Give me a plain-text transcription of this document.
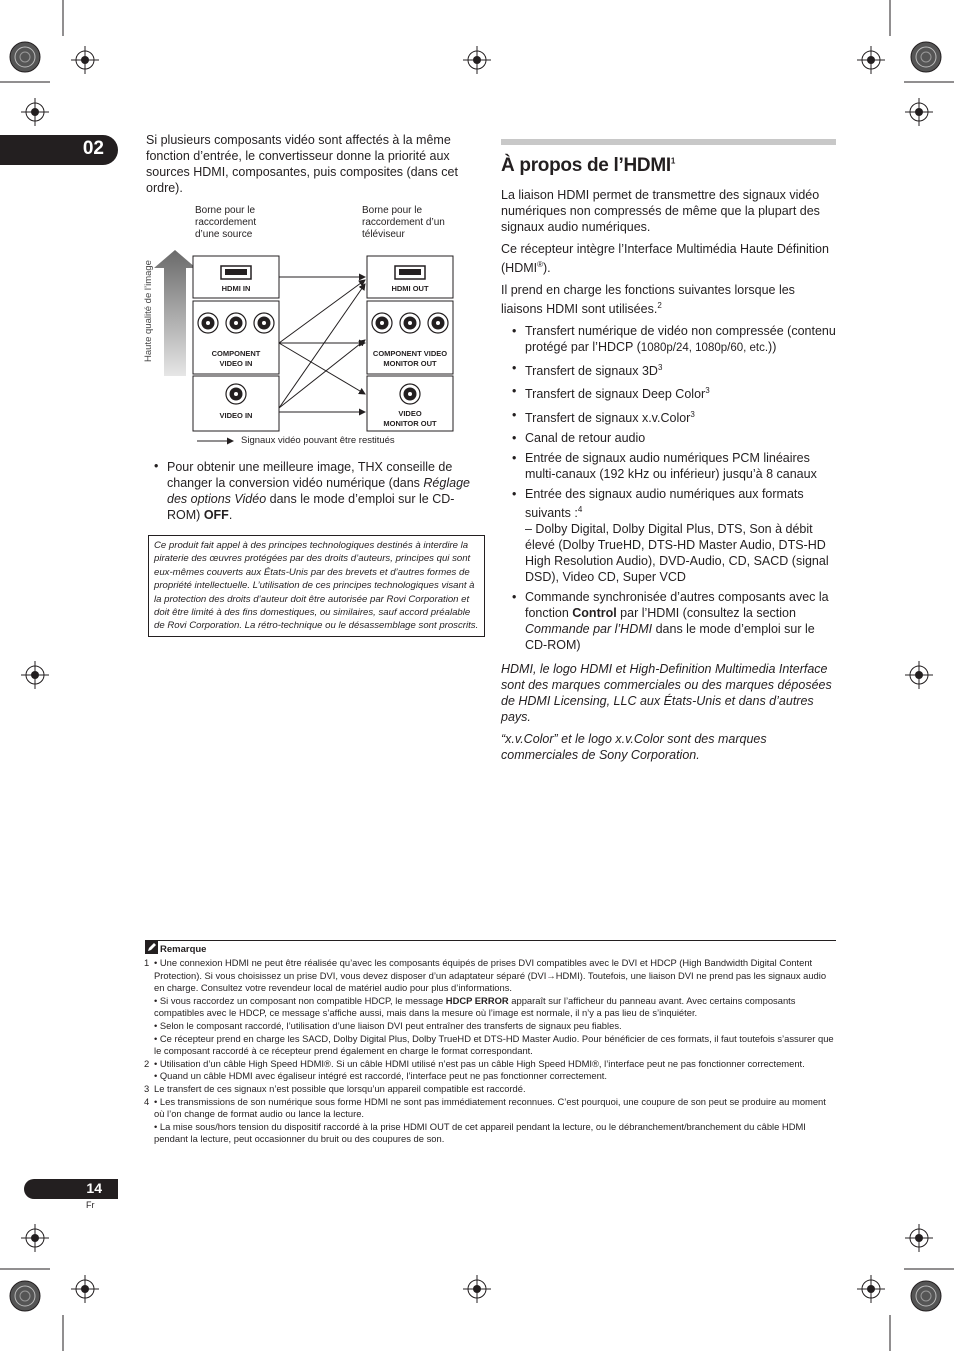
02	Si plusieurs composants vidéo sont affectés à la même fonction d’entrée, le convertisseur donne la priorité aux sources HDMI, composantes, puis composites (dans cet ordre).

Borne pour le
raccordement
d’une source
Borne pour le
raccordement d’un
téléviseur
Haute qualité de l’image	HDMI IN
COMPONENT
VIDEO IN
VIDEO IN
HDMI OUT
COMPONENT VIDEO
MONITOR OUT
VIDEO
MONITOR OUT
Signaux vidéo pouvant être restitués
• Pour obtenir une meilleure image, THX conseille de changer la conversion vidéo numérique (dans Réglage des options Vidéo dans le mode d’emploi sur le CD-ROM) OFF.

Ce produit fait appel à des principes technologiques destinés à interdire la piraterie des œuvres protégées par des droits d’auteurs, principes qui sont eux-mêmes couverts aux États-Unis par des brevets et d’autres formes de propriété intellectuelle. L’utilisation de ces principes technologiques visant à la protection des droits d’auteur doit être autorisée par Rovi Corporation et doit être limité à des fins domestiques, ou similaires, sauf accord préalable de Rovi Corporation. La rétro-technique ou le désassemblage sont proscrits.
À propos de l’HDMI$^1$

La liaison HDMI permet de transmettre des signaux vidéo numériques non compressés de même que la plupart des signaux audio numériques.

Ce récepteur intègre l’Interface Multimédia Haute Définition (HDMI®).

Il prend en charge les fonctions suivantes lorsque les liaisons HDMI sont utilisées.$^2$

• Transfert numérique de vidéo non compressée (contenu protégé par l’HDCP (1080p/24, 1080p/60, etc.))
• Transfert de signaux $3D^3$
• Transfert de signaux Deep Color$^3$
• Transfert de signaux x.v.Color$^3$
• Canal de retour audio
• Entrée de signaux audio numériques PCM linéaires multi-canaux (192 kHz ou inférieur) jusqu’à 8 canaux
• Entrée des signaux audio numériques aux formats suivants :$^4$
– Dolby Digital, Dolby Digital Plus, DTS, Son à débit élevé (Dolby TrueHD, DTS-HD Master Audio, DTS-HD High Resolution Audio), DVD-Audio, CD, SACD (signal DSD), Video CD, Super VCD
• Commande synchronisée d’autres composants avec la fonction Control par l’HDMI (consultez la section Commande par l’HDMI dans le mode d’emploi sur le CD-ROM)

HDMI, le logo HDMI et High-Definition Multimedia Interface sont des marques commerciales ou des marques déposées de HDMI Licensing, LLC aux États-Unis et dans d’autres pays.

“x.v.Color” et le logo x.v.Color sont des marques commerciales de Sony Corporation.

Remarque
1 • Une connexion HDMI ne peut être réalisée qu’avec les composants équipés de prises DVI compatibles avec le DVI et HDCP (High Bandwidth Digital Content Protection). Si vous choisissez un prise DVI, vous devez disposer d’un adaptateur séparé (DVI→HDMI). Toutefois, une liaison DVI ne prend pas les signaux audio en charge. Consultez votre revendeur local de matériel audio pour plus d’informations.
• Si vous raccordez un composant non compatible HDCP, le message HDCP ERROR apparaît sur l’afficheur du panneau avant. Avec certains composants compatibles avec le HDCP, ce message s’affiche aussi, mais dans la mesure où l’image est normale, il n’y a pas lieu de s’inquiéter.
• Selon le composant raccordé, l’utilisation d’une liaison DVI peut entraîner des transferts de signaux peu fiables.
• Ce récepteur prend en charge les SACD, Dolby Digital Plus, Dolby TrueHD et DTS-HD Master Audio. Pour bénéficier de ces formats, il faut toutefois s’assurer que le composant raccordé à ce récepteur prend également en charge le format correspondant.
2 • Utilisation d’un câble High Speed HDMI®. Si un câble HDMI utilisé n’est pas un câble High Speed HDMI®, l’interface peut ne pas fonctionner correctement.
• Quand un câble HDMI avec égaliseur intégré est raccordé, l’interface peut ne pas fonctionner correctement.
3 Le transfert de ces signaux n’est possible que lorsqu’un appareil compatible est raccordé.
4 • Les transmissions de son numérique sous forme HDMI ne sont pas immédiatement reconnues. C’est pourquoi, une coupure de son peut se produire au moment où l’on change de format audio ou lance la lecture.
• La mise sous/hors tension du dispositif raccordé à la prise HDMI OUT de cet appareil pendant la lecture, ou le débranchement/branchement du câble HDMI pendant la lecture, peut occasionner du bruit ou des coupures de son.
14
Fr
